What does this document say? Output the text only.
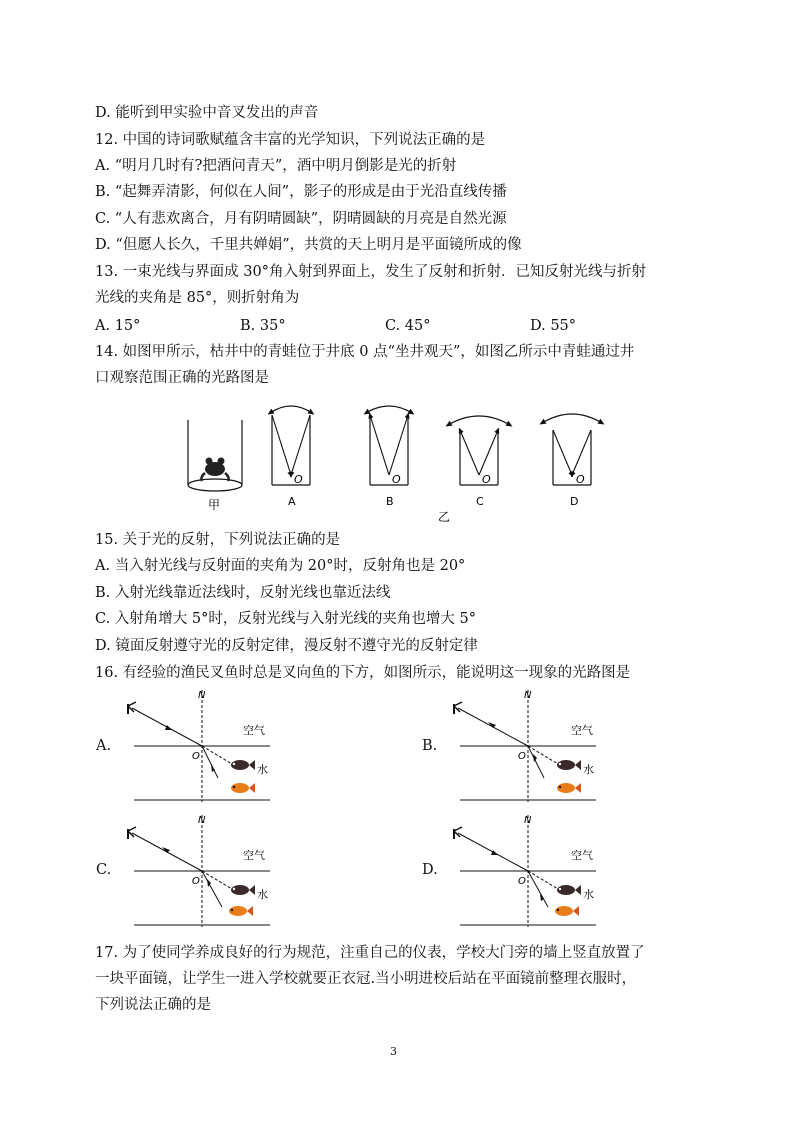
D. 能听到甲实验中音叉发出的声音
12. 中国的诗词歌赋蕴含丰富的光学知识，下列说法正确的是
A. “明月几时有?把酒问青天”，酒中明月倒影是光的折射
B. “起舞弄清影，何似在人间”，影子的形成是由于光沿直线传播
C. “人有悲欢离合，月有阴晴圆缺”，阴晴圆缺的月亮是自然光源
D. “但愿人长久，千里共婵娟”，共赏的天上明月是平面镜所成的像
13. 一束光线与界面成 30°角入射到界面上，发生了反射和折射．已知反射光线与折射
光线的夹角是 85°，则折射角为
A. 15°	B. 35°	C. 45°	D. 55°
14. 如图甲所示，枯井中的青蛙位于井底 0 点“坐井观天”，如图乙所示中青蛙通过井
口观察范围正确的光路图是
甲
O
A
O
B
O
C
O
D
乙
15. 关于光的反射，下列说法正确的是
A. 当入射光线与反射面的夹角为 20°时，反射角也是 20°
B. 入射光线靠近法线时，反射光线也靠近法线
C. 入射角增大 5°时，反射光线与入射光线的夹角也增大 5°
D. 镜面反射遵守光的反射定律，漫反射不遵守光的反射定律
16. 有经验的渔民叉鱼时总是叉向鱼的下方，如图所示，能说明这一现象的光路图是
A.	B.
C.	D.
N
空气
水
O
N
空气
水
O
N
空气
水
O
N
空气
水
O
17. 为了使同学养成良好的行为规范，注重自己的仪表，学校大门旁的墙上竖直放置了
一块平面镜，让学生一进入学校就要正衣冠.当小明进校后站在平面镜前整理衣服时，
下列说法正确的是
3
